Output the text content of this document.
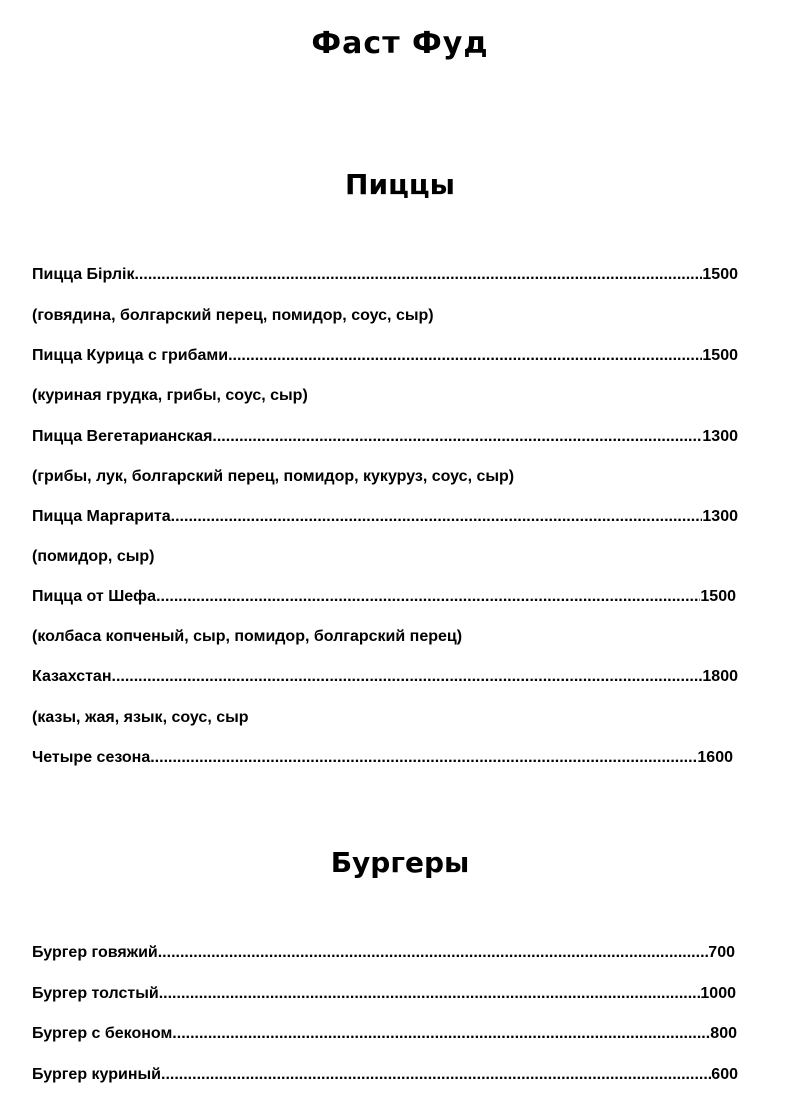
Фаст Фуд
Пиццы
Пицца Бірлік .....	1500
(говядина, болгарский перец, помидор, соус, сыр)
Пицца Курица с грибами .....	1500
(куриная грудка, грибы, соус, сыр)
Пицца Вегетарианская .....	1300
(грибы, лук, болгарский перец, помидор, кукуруз, соус, сыр)
Пицца Маргарита .....	1300
(помидор, сыр)
Пицца от Шефа .....	1500
(колбаса копченый, сыр, помидор, болгарский перец)
Казахстан .....	1800
(казы, жая, язык, соус, сыр
Четыре сезона .....	1600
Бургеры
Бургер говяжий .....	700
Бургер толстый .....	1000
Бургер с беконом .....	800
Бургер куриный .....	600
